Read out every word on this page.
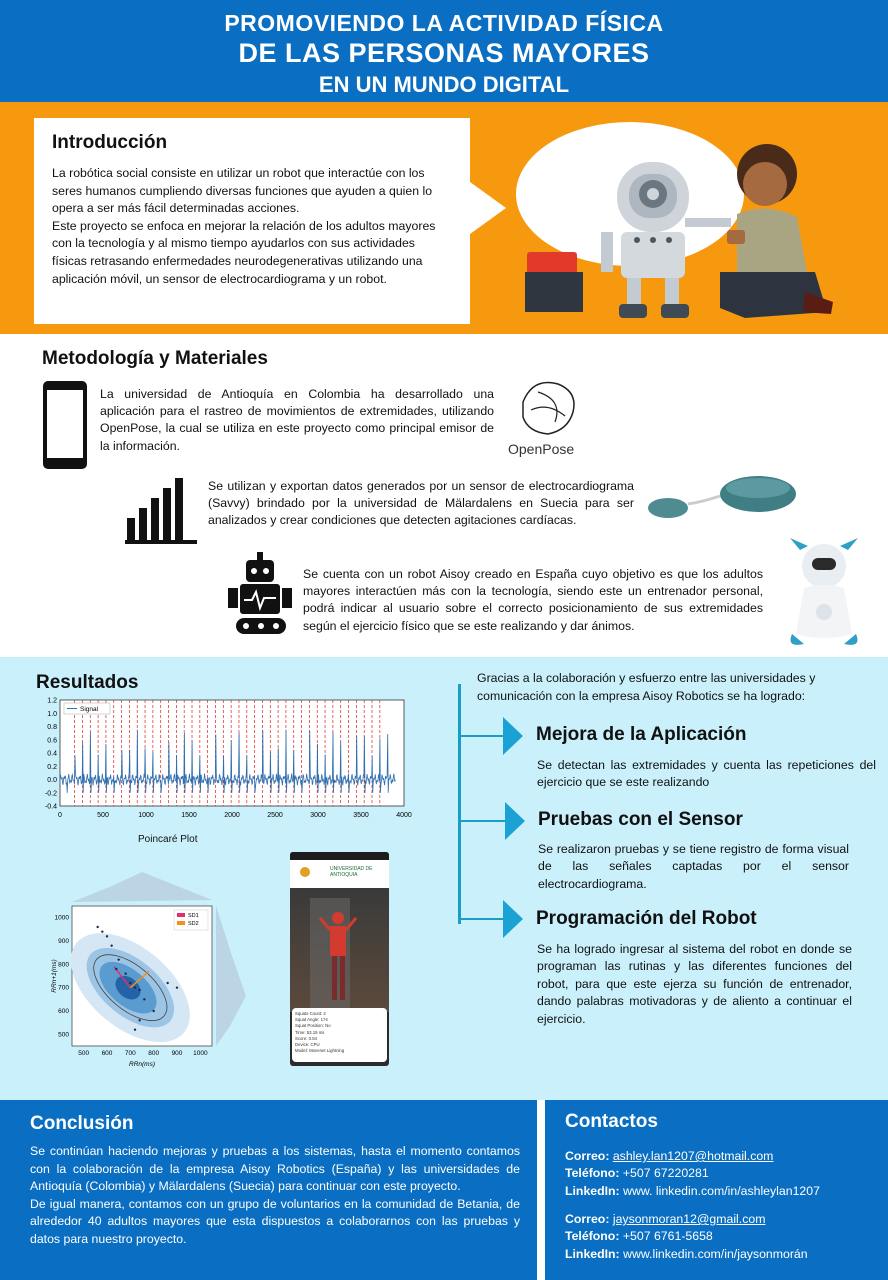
PROMOVIENDO LA ACTIVIDAD FÍSICA
DE LAS PERSONAS MAYORES
EN UN MUNDO DIGITAL
Introducción
La robótica social consiste en utilizar un robot que interactúe con los seres humanos cumpliendo diversas funciones que ayuden a quien lo opera a ser más fácil determinadas acciones.
Este proyecto se enfoca en mejorar la relación de los adultos mayores con la tecnología y al mismo tiempo ayudarlos con sus actividades físicas retrasando enfermedades neurodegenerativas utilizando una aplicación móvil, un sensor de electrocardiograma y un robot.
Metodología y Materiales
La universidad de Antioquía en Colombia ha desarrollado una aplicación para el rastreo de movimientos de extremidades, utilizando OpenPose, la cual se utiliza en este proyecto como principal emisor de la información.	OpenPose
Se utilizan y exportan datos generados por un sensor de electrocardiograma (Savvy) brindado por la universidad de Mälardalens en Suecia para ser analizados y crear condiciones que detecten agitaciones cardíacas.
Se cuenta con un robot Aisoy creado en España cuyo objetivo es que los adultos mayores interactúen más con la tecnología, siendo este un entrenador personal, podrá indicar al usuario sobre el correcto posicionamiento de sus extremidades según el ejercicio físico que se este realizando y dar ánimos.
Resultados
0	500	1000	1500	2000	2500	3000	3500	4000
1.2
1.0
0.8
0.6
0.4
0.2
0.0
-0.2
-0.4
Signal
Poincaré Plot
SD1
SD2
500 600 700 800 900 1000
1000
900
800
700
600
500
RRn(ms)
RRn+1(ms)
UNIVERSIDAD DE ANTIOQUIA
Squats Count: 2
Squat Angle: 174
Squat Position: No
Time: 53.19 ms
Score: 0.84
Device: CPU
Model: Movenet Lightning
Gracias a la colaboración y esfuerzo entre las universidades y comunicación con la empresa Aisoy Robotics se ha logrado:
Mejora de la Aplicación
Se detectan las extremidades y cuenta las repeticiones del ejercicio que se este realizando
Pruebas con el Sensor
Se realizaron pruebas y se tiene registro de forma visual de las señales captadas por el sensor electrocardiograma.
Programación del Robot
Se ha logrado ingresar al sistema del robot en donde se programan las rutinas y las diferentes funciones del robot, para que este ejerza su función de entrenador, dando palabras motivadoras y de aliento a continuar el ejercicio.
Conclusión
Se continúan haciendo mejoras y pruebas a los sistemas, hasta el momento contamos con la colaboración de la empresa Aisoy Robotics (España) y las universidades de Antioquía (Colombia) y Mälardalens (Suecia) para continuar con este proyecto.
De igual manera, contamos con un grupo de voluntarios en la comunidad de Betania, de alrededor 40 adultos mayores que esta dispuestos a colaborarnos con las pruebas y datos para nuestro proyecto.
Contactos
Correo: ashley.lan1207@hotmail.com
Teléfono: +507 67220281
LinkedIn: www. linkedin.com/in/ashleylan1207
Correo: jaysonmoran12@gmail.com
Teléfono: +507 6761-5658
LinkedIn: www.linkedin.com/in/jaysonmorán
